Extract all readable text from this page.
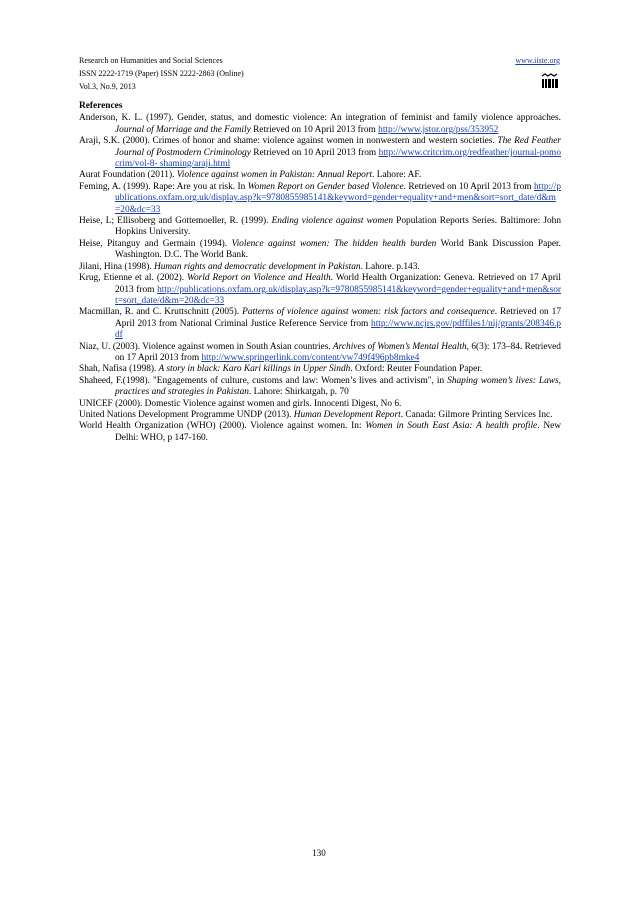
Research on Humanities and Social Sciences
ISSN 2222-1719 (Paper) ISSN 2222-2863 (Online)
Vol.3, No.9, 2013
www.iiste.org
References
Anderson, K. L. (1997). Gender, status, and domestic violence: An integration of feminist and family violence approaches. Journal of Marriage and the Family Retrieved on 10 April 2013 from http://www.jstor.org/pss/353952
Araji, S.K. (2000). Crimes of honor and shame: violence against women in nonwestern and western societies. The Red Feather Journal of Postmodern Criminology Retrieved on 10 April 2013 from http://www.critcrim.org/redfeather/journal-pomocrim/vol-8- shaming/araji.html
Aurat Foundation (2011). Violence against women in Pakistan: Annual Report. Lahore: AF.
Feming, A. (1999). Rape: Are you at risk. In Women Report on Gender based Violence. Retrieved on 10 April 2013 from http://publications.oxfam.org.uk/display.asp?k=9780855985141&keyword=gender+equality+and+men&sort=sort_date/d&m=20&dc=33
Heise, L; Ellisoberg and Gottemoeller, R. (1999). Ending violence against women Population Reports Series. Baltimore: John Hopkins University.
Heise, Pitanguy and Germain (1994). Violence against women: The hidden health burden World Bank Discussion Paper. Washington. D.C. The World Bank.
Jilani, Hina (1998). Human rights and democratic development in Pakistan. Lahore. p.143.
Krug, Etienne et al. (2002). World Report on Violence and Health. World Health Organization: Geneva. Retrieved on 17 April 2013 from http://publications.oxfam.org.uk/display.asp?k=9780855985141&keyword=gender+equality+and+men&sort=sort_date/d&m=20&dc=33
Macmillan, R. and C. Kruttschnitt (2005). Patterns of violence against women: risk factors and consequence. Retrieved on 17 April 2013 from National Criminal Justice Reference Service from http://www.ncjrs.gov/pdffiles1/nij/grants/208346.pdf
Niaz, U. (2003). Violence against women in South Asian countries. Archives of Women’s Mental Health, 6(3): 173–84. Retrieved on 17 April 2013 from http://www.springerlink.com/content/vw749f496pb8mke4
Shah, Nafisa (1998). A story in black: Karo Kari killings in Upper Sindh. Oxford: Reuter Foundation Paper.
Shaheed, F.(1998). "Engagements of culture, customs and law: Women’s lives and activism", in Shaping women’s lives: Laws, practices and strategies in Pakistan. Lahore: Shirkatgah, p. 70
UNICEF (2000). Domestic Violence against women and girls. Innocenti Digest, No 6.
United Nations Development Programme UNDP (2013). Human Development Report. Canada: Gilmore Printing Services Inc.
World Health Organization (WHO) (2000). Violence against women. In: Women in South East Asia: A health profile. New Delhi: WHO, p 147-160.
130
